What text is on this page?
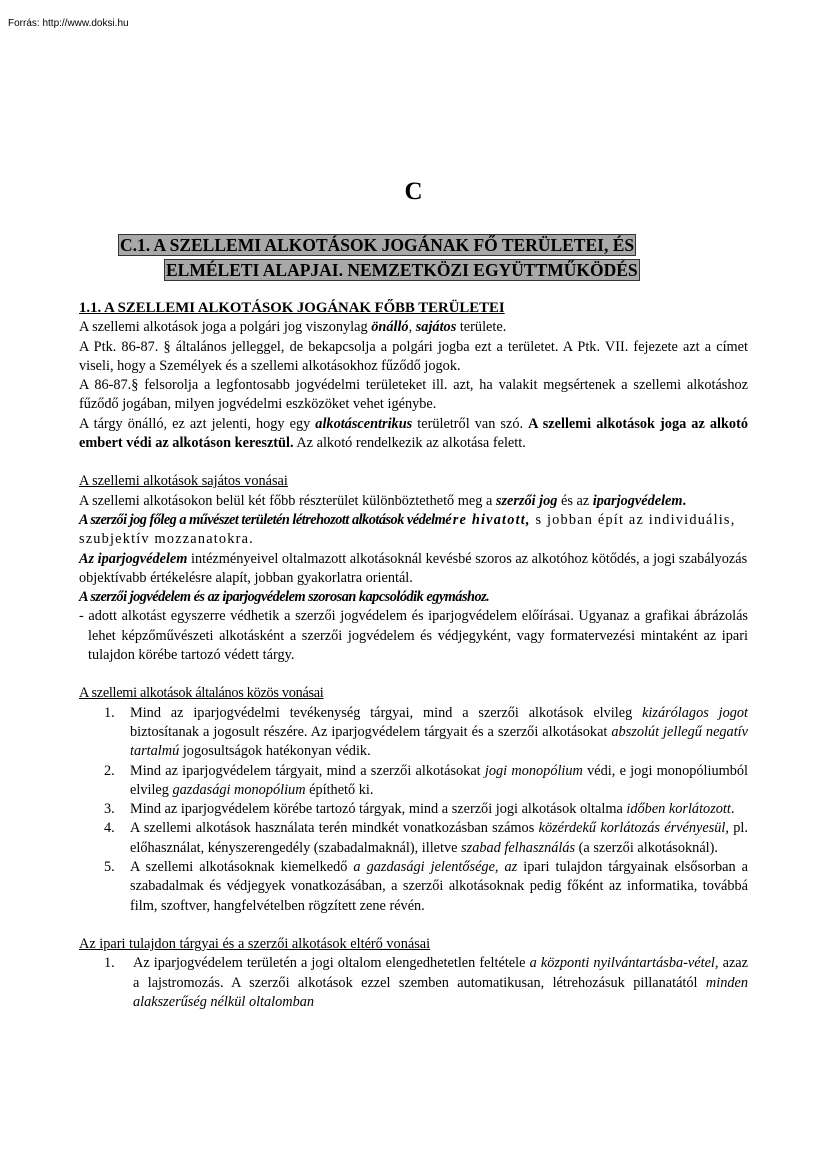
Forrás: http://www.doksi.hu
C
C.1. A SZELLEMI ALKOTÁSOK JOGÁNAK FŐ TERÜLETEI, ÉS
ELMÉLETI ALAPJAI. NEMZETKÖZI EGYÜTTMŰKÖDÉS

1.1. A SZELLEMI ALKOTÁSOK JOGÁNAK FŐBB TERÜLETEI

A szellemi alkotások joga a polgári jog viszonylag önálló, sajátos területe.

A Ptk. 86-87. § általános jelleggel, de bekapcsolja a polgári jogba ezt a területet. A Ptk. VII. fejezete azt a címet viseli, hogy a Személyek és a szellemi alkotásokhoz fűződő jogok.

A 86-87.§ felsorolja a legfontosabb jogvédelmi területeket ill. azt, ha valakit megsértenek a szellemi alkotáshoz fűződő jogában, milyen jogvédelmi eszközöket vehet igénybe.

A tárgy önálló, ez azt jelenti, hogy egy alkotáscentrikus területről van szó. A szellemi alkotások joga az alkotó embert védi az alkotáson keresztül. Az alkotó rendelkezik az alkotása felett.

A szellemi alkotások sajátos vonásai

A szellemi alkotásokon belül két főbb részterület különböztethető meg a szerzői jog és az iparjogvédelem.

A szerzői jog főleg a művészet területén létrehozott alkotások védelmére hivatott, s jobban épít az individuális, szubjektív mozzanatokra.

Az iparjogvédelem intézményeivel oltalmazott alkotásoknál kevésbé szoros az alkotóhoz kötődés, a jogi szabályozás objektívabb értékelésre alapít, jobban gyakorlatra orientál.

A szerzői jogvédelem és az iparjogvédelem szorosan kapcsolódik egymáshoz.

- adott alkotást egyszerre védhetik a szerzői jogvédelem és iparjogvédelem előírásai. Ugyanaz a grafikai ábrázolás lehet képzőművészeti alkotásként a szerzői jogvédelem és védjegyként, vagy formatervezési mintaként az ipari tulajdon körébe tartozó védett tárgy.

A szellemi alkotások általános közös vonásai

1. Mind az iparjogvédelmi tevékenység tárgyai, mind a szerzői alkotások elvileg kizárólagos jogot biztosítanak a jogosult részére. Az iparjogvédelem tárgyait és a szerzői alkotásokat abszolút jellegű negatív tartalmú jogosultságok hatékonyan védik.
2. Mind az iparjogvédelem tárgyait, mind a szerzői alkotásokat jogi monopólium védi, e jogi monopóliumból elvileg gazdasági monopólium építhető ki.
3. Mind az iparjogvédelem körébe tartozó tárgyak, mind a szerzői jogi alkotások oltalma időben korlátozott.
4. A szellemi alkotások használata terén mindkét vonatkozásban számos közérdekű korlátozás érvényesül, pl. előhasználat, kényszerengedély (szabadalmaknál), illetve szabad felhasználás (a szerzői alkotásoknál).
5. A szellemi alkotásoknak kiemelkedő a gazdasági jelentősége, az ipari tulajdon tárgyainak elsősorban a szabadalmak és védjegyek vonatkozásában, a szerzői alkotásoknak pedig főként az informatika, továbbá film, szoftver, hangfelvételben rögzített zene révén.

Az ipari tulajdon tárgyai és a szerzői alkotások eltérő vonásai

1. Az iparjogvédelem területén a jogi oltalom elengedhetetlen feltétele a központi nyilvántartásba-vétel, azaz a lajstromozás. A szerzői alkotások ezzel szemben automatikusan, létrehozásuk pillanatától minden alakszerűség nélkül oltalomban
